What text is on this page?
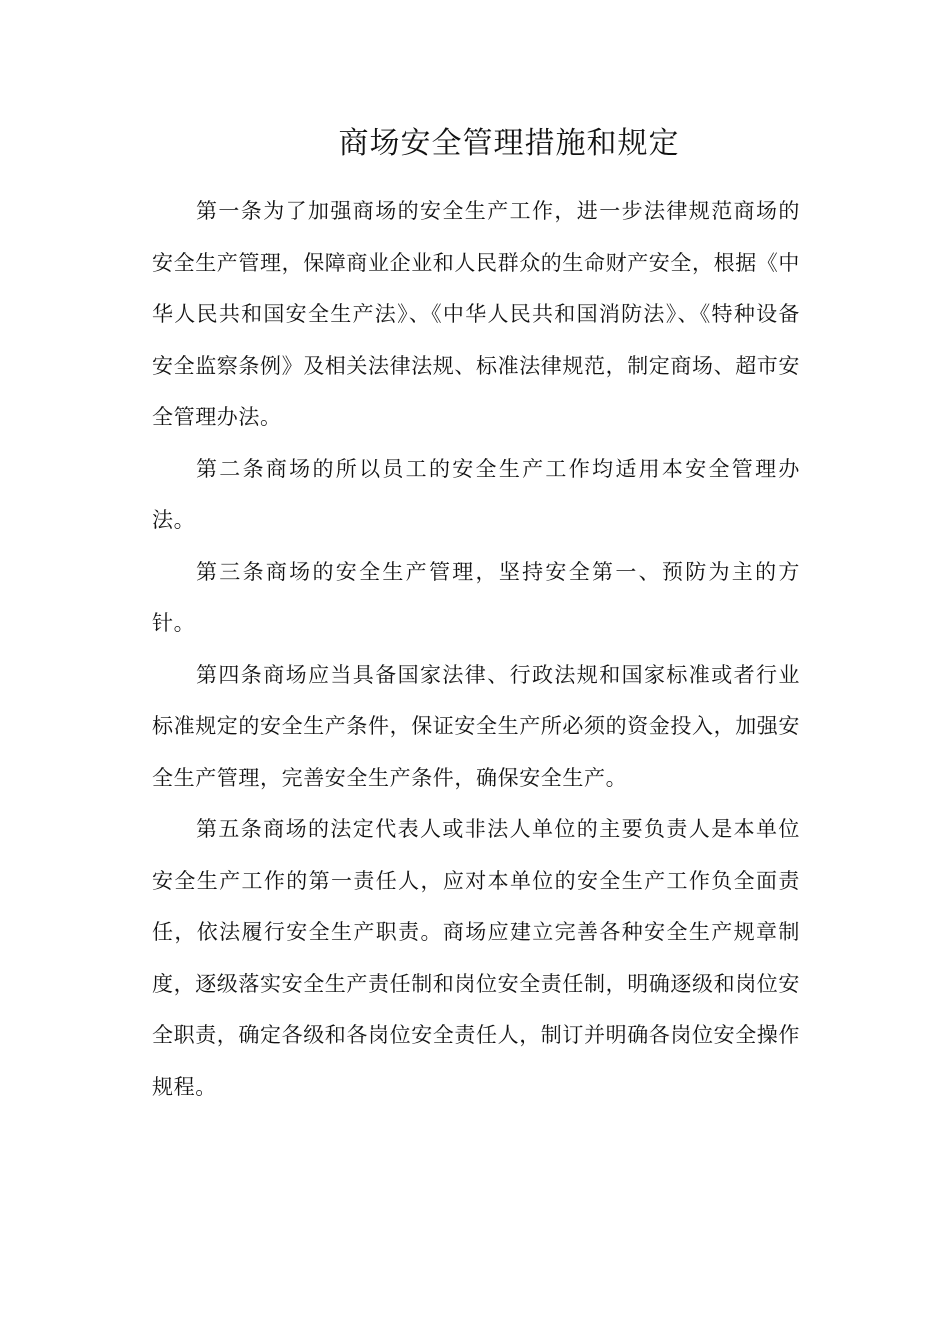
商场安全管理措施和规定

第一条为了加强商场的安全生产工作，进一步法律规范商场的安全生产管理，保障商业企业和人民群众的生命财产安全，根据《中华人民共和国安全生产法》、《中华人民共和国消防法》、《特种设备安全监察条例》及相关法律法规、标准法律规范，制定商场、超市安全管理办法。

第二条商场的所以员工的安全生产工作均适用本安全管理办法。

第三条商场的安全生产管理，坚持安全第一、预防为主的方针。

第四条商场应当具备国家法律、行政法规和国家标准或者行业标准规定的安全生产条件，保证安全生产所必须的资金投入，加强安全生产管理，完善安全生产条件，确保安全生产。

第五条商场的法定代表人或非法人单位的主要负责人是本单位安全生产工作的第一责任人，应对本单位的安全生产工作负全面责任，依法履行安全生产职责。商场应建立完善各种安全生产规章制度，逐级落实安全生产责任制和岗位安全责任制，明确逐级和岗位安全职责，确定各级和各岗位安全责任人，制订并明确各岗位安全操作规程。
